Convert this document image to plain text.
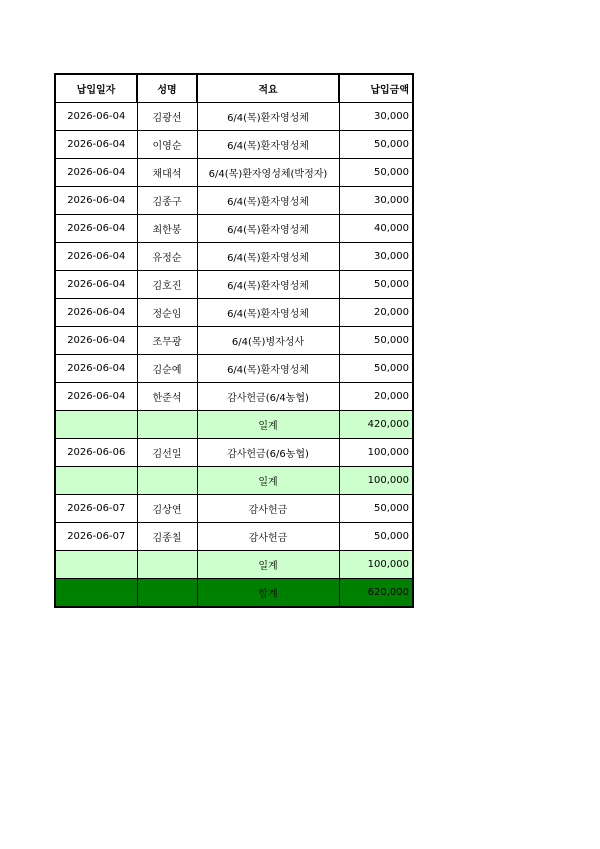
납입일자	성명	적요	납입금액
2026-06-04	김광선	6/4(목)환자영성체	30,000
2026-06-04	이영순	6/4(목)환자영성체	50,000
2026-06-04	채대석	6/4(목)환자영성체(박정자)	50,000
2026-06-04	김종구	6/4(목)환자영성체	30,000
2026-06-04	최한봉	6/4(목)환자영성체	40,000
2026-06-04	유정순	6/4(목)환자영성체	30,000
2026-06-04	김호진	6/4(목)환자영성체	50,000
2026-06-04	정순임	6/4(목)환자영성체	20,000
2026-06-04	조무광	6/4(목)병자성사	50,000
2026-06-04	김순예	6/4(목)환자영성체	50,000
2026-06-04	한준석	감사헌금(6/4농협)	20,000
		일계	420,000
2026-06-06	김선일	감사헌금(6/6농협)	100,000
		일계	100,000
2026-06-07	김상연	감사헌금	50,000
2026-06-07	김종칠	감사헌금	50,000
		일계	100,000
		합계	620,000
